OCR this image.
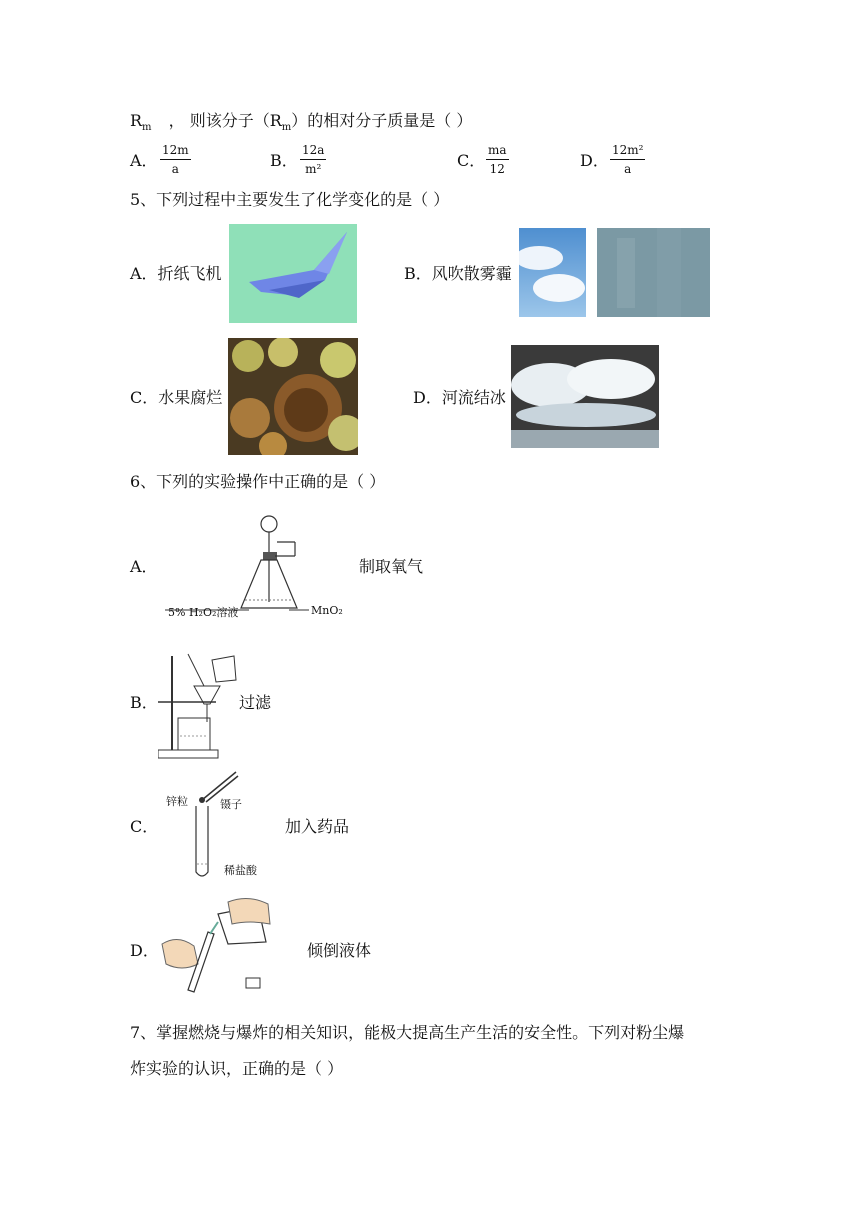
$R_m$ ， 则该分子$(R_m)$的相对分子质量是（ ）
A．
12m
a	B．
12a
m²	C．
ma
12	D．
12m²
a
5、下列过程中主要发生了化学变化的是（ ）
A．折纸飞机	B．风吹散雾霾
C．水果腐烂	D．河流结冰
6、下列的实验操作中正确的是（ ）
A．
5% H₂O₂溶液	MnO₂
制取氧气
B．	过滤
C．
锌粒	镊子
稀盐酸
加入药品
D．	倾倒液体
7、掌握燃烧与爆炸的相关知识，能极大提高生产生活的安全性。下列对粉尘爆
炸实验的认识，正确的是（ ）
